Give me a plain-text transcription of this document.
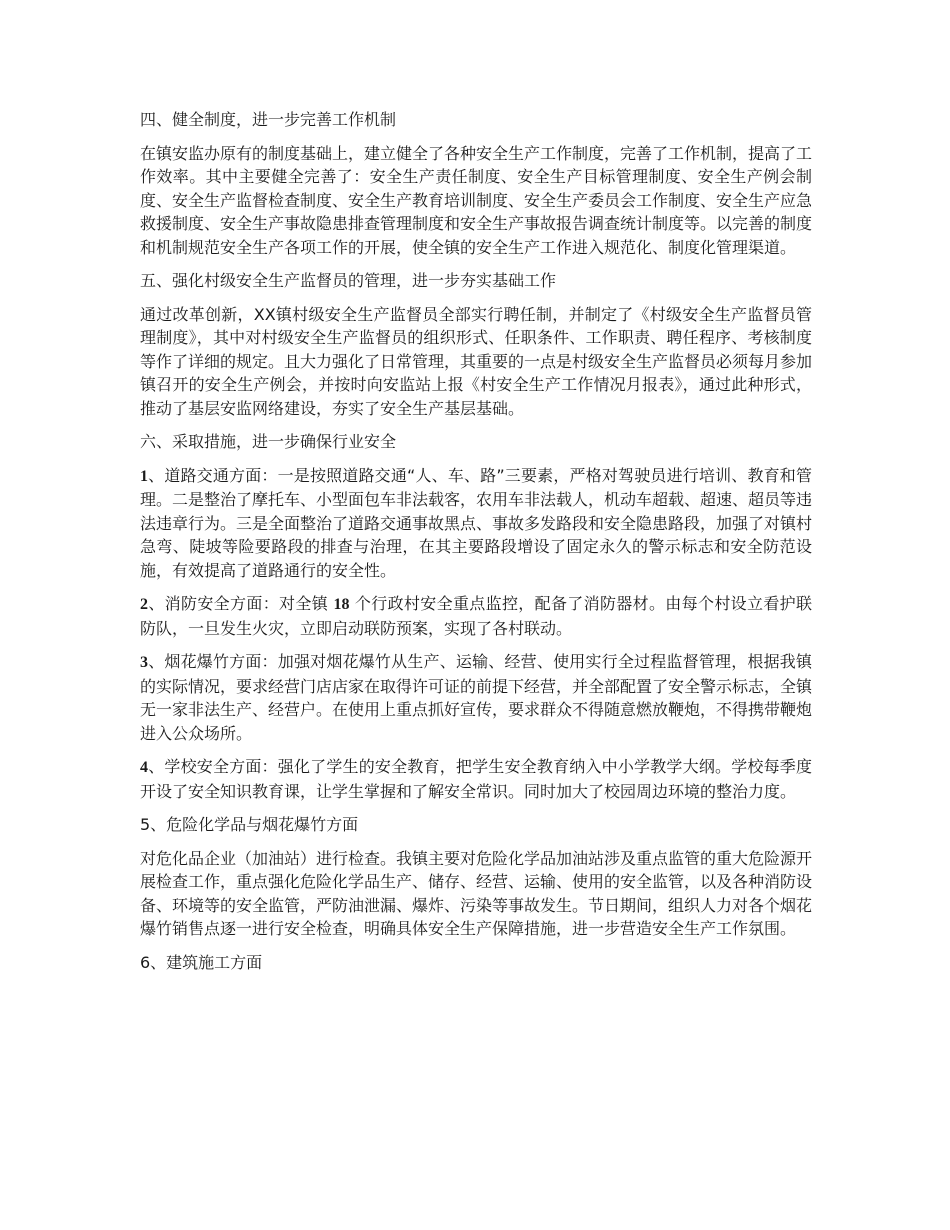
四、健全制度，进一步完善工作机制

在镇安监办原有的制度基础上，建立健全了各种安全生产工作制度，完善了工作机制，提高了工作效率。其中主要健全完善了：安全生产责任制度、安全生产目标管理制度、安全生产例会制度、安全生产监督检查制度、安全生产教育培训制度、安全生产委员会工作制度、安全生产应急救援制度、安全生产事故隐患排查管理制度和安全生产事故报告调查统计制度等。以完善的制度和机制规范安全生产各项工作的开展，使全镇的安全生产工作进入规范化、制度化管理渠道。

五、强化村级安全生产监督员的管理，进一步夯实基础工作

通过改革创新，XX镇村级安全生产监督员全部实行聘任制，并制定了《村级安全生产监督员管理制度》，其中对村级安全生产监督员的组织形式、任职条件、工作职责、聘任程序、考核制度等作了详细的规定。且大力强化了日常管理，其重要的一点是村级安全生产监督员必须每月参加镇召开的安全生产例会，并按时向安监站上报《村安全生产工作情况月报表》，通过此种形式，推动了基层安监网络建设，夯实了安全生产基层基础。

六、采取措施，进一步确保行业安全

1、道路交通方面：一是按照道路交通“人、车、路”三要素，严格对驾驶员进行培训、教育和管理。二是整治了摩托车、小型面包车非法载客，农用车非法载人，机动车超载、超速、超员等违法违章行为。三是全面整治了道路交通事故黑点、事故多发路段和安全隐患路段，加强了对镇村急弯、陡坡等险要路段的排查与治理，在其主要路段增设了固定永久的警示标志和安全防范设施，有效提高了道路通行的安全性。

2、消防安全方面：对全镇 18 个行政村安全重点监控，配备了消防器材。由每个村设立看护联防队，一旦发生火灾，立即启动联防预案，实现了各村联动。

3、烟花爆竹方面：加强对烟花爆竹从生产、运输、经营、使用实行全过程监督管理，根据我镇的实际情况，要求经营门店店家在取得许可证的前提下经营，并全部配置了安全警示标志，全镇无一家非法生产、经营户。在使用上重点抓好宣传，要求群众不得随意燃放鞭炮，不得携带鞭炮进入公众场所。

4、学校安全方面：强化了学生的安全教育，把学生安全教育纳入中小学教学大纲。学校每季度开设了安全知识教育课，让学生掌握和了解安全常识。同时加大了校园周边环境的整治力度。

5、危险化学品与烟花爆竹方面

对危化品企业（加油站）进行检查。我镇主要对危险化学品加油站涉及重点监管的重大危险源开展检查工作，重点强化危险化学品生产、储存、经营、运输、使用的安全监管，以及各种消防设备、环境等的安全监管，严防油泄漏、爆炸、污染等事故发生。节日期间，组织人力对各个烟花爆竹销售点逐一进行安全检查，明确具体安全生产保障措施，进一步营造安全生产工作氛围。

6、建筑施工方面
